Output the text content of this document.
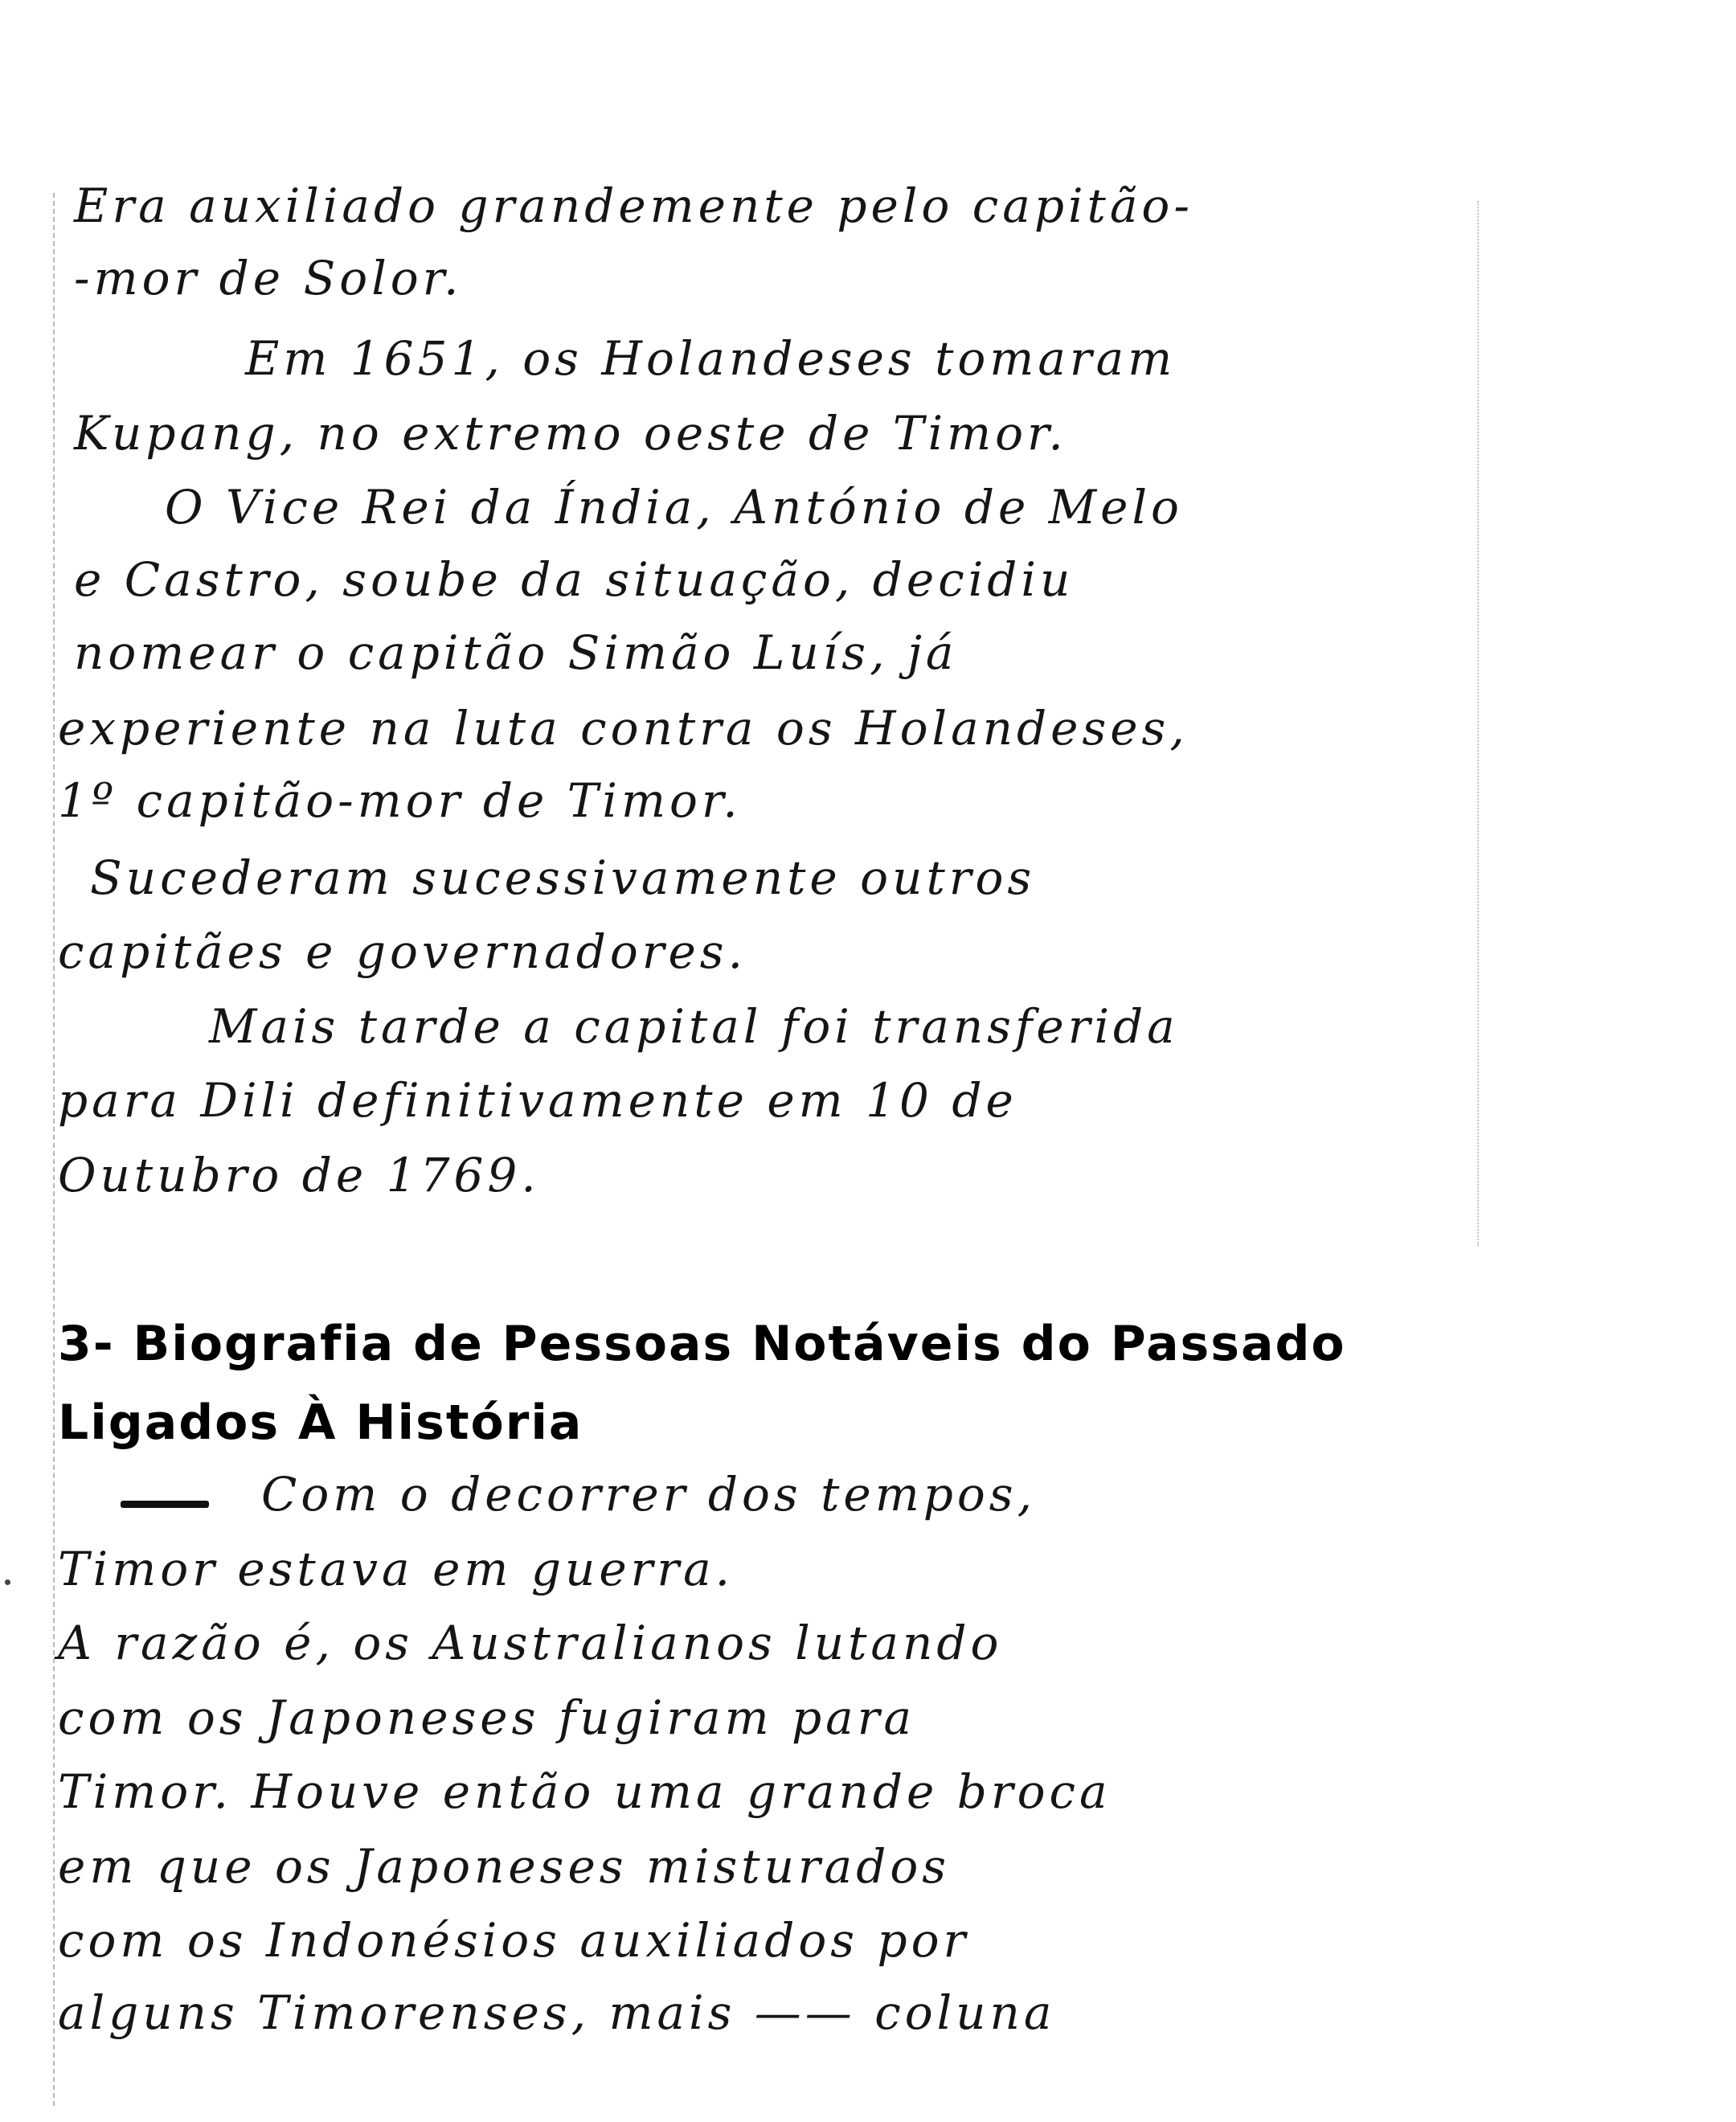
Era auxiliado grandemente pelo capitão-
-mor de Solor.
Em 1651, os Holandeses tomaram
Kupang, no extremo oeste de Timor.
O Vice Rei da Índia, António de Melo
e Castro, soube da situação, decidiu
nomear o capitão Simão Luís, já
experiente na luta contra os Holandeses,
1º capitão-mor de Timor.
Sucederam sucessivamente outros
capitães e governadores.
Mais tarde a capital foi transferida
para Dili definitivamente em 10 de
Outubro de 1769.
3- Biografia de Pessoas Notáveis do Passado
Ligados À História
Com o decorrer dos tempos,
Timor estava em guerra.
A razão é, os Australianos lutando
com os Japoneses fugiram para
Timor. Houve então uma grande broca
em que os Japoneses misturados
com os Indonésios auxiliados por
alguns Timorenses, mais —— coluna
